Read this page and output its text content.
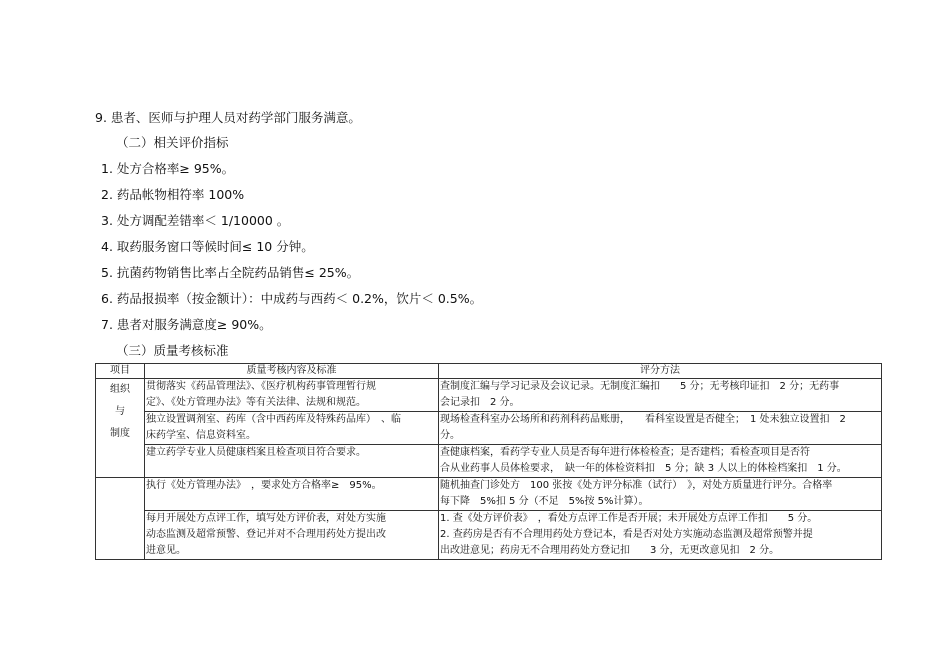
9. 患者、医师与护理人员对药学部门服务满意。
（二）相关评价指标
1. 处方合格率≥ 95%。
2. 药品帐物相符率 100%
3. 处方调配差错率＜ 1/10000 。
4. 取药服务窗口等候时间≤ 10 分钟。
5. 抗菌药物销售比率占全院药品销售≤ 25%。
6. 药品报损率（按金额计）：中成药与西药＜ 0.2%，饮片＜ 0.5%。
7. 患者对服务满意度≥ 90%。
（三）质量考核标准
项目	质量考核内容及标准	评分方法

组织
与
制度	贯彻落实《药品管理法》、《医疗机构药事管理暂行规
定》、《处方管理办法》等有关法律、法规和规范。	查制度汇编与学习记录及会议记录。无制度汇编扣　　5 分；无考核印证扣　2 分；无药事
会记录扣　2 分。

	独立设置调剂室、药库（含中西药库及特殊药品库）　、临
床药学室、信息资料室。	现场检查科室办公场所和药剂科药品账册，　　看科室设置是否健全；　1 处未独立设置扣　2
分。

	建立药学专业人员健康档案且检查项目符合要求。	查健康档案，看药学专业人员是否每年进行体检检查；是否建档；看检查项目是否符
合从业药事人员体检要求，　缺一年的体检资料扣　5 分；缺 3 人以上的体检档案扣　1 分。

	执行《处方管理办法》　，要求处方合格率≥　95%。	随机抽查门诊处方　100 张按《处方评分标准（试行）　》，对处方质量进行评分。合格率
每下降　5%扣 5 分（不足　5%按 5%计算）。

	每月开展处方点评工作，填写处方评价表，对处方实施
动态监测及超常预警、登记并对不合理用药处方提出改
进意见。	1. 查《处方评价表》　，看处方点评工作是否开展；未开展处方点评工作扣　　5 分。
2. 查药房是否有不合理用药处方登记本，看是否对处方实施动态监测及超常预警并提
出改进意见；药房无不合理用药处方登记扣　　3 分，无更改意见扣　2 分。
